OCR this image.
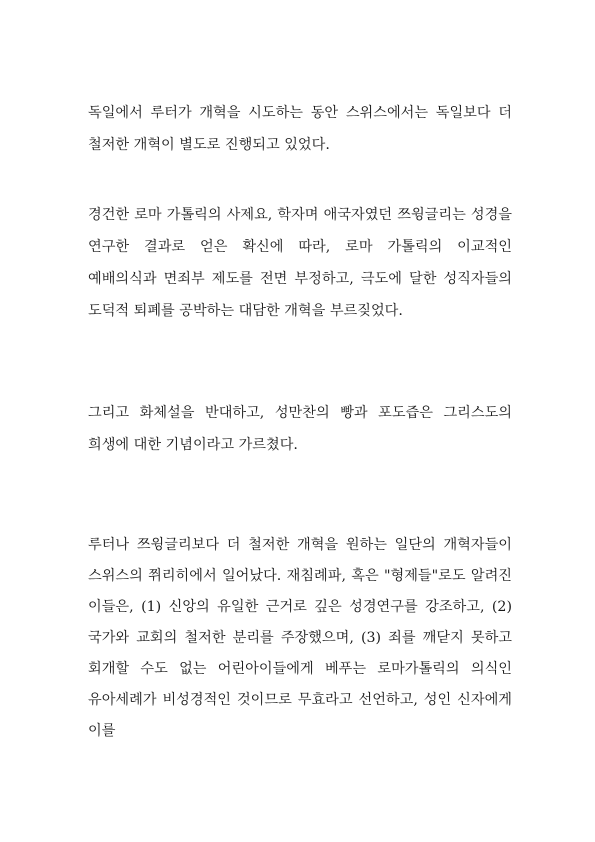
독일에서 루터가 개혁을 시도하는 동안 스위스에서는 독일보다 더 철저한 개혁이 별도로 진행되고 있었다.

경건한 로마 가톨릭의 사제요, 학자며 애국자였던 쯔윙글리는 성경을 연구한 결과로 얻은 확신에 따라, 로마 가톨릭의 이교적인 예배의식과 면죄부 제도를 전면 부정하고, 극도에 달한 성직자들의 도덕적 퇴폐를 공박하는 대담한 개혁을 부르짖었다.

그리고 화체설을 반대하고, 성만찬의 빵과 포도즙은 그리스도의 희생에 대한 기념이라고 가르쳤다.

루터나 쯔윙글리보다 더 철저한 개혁을 원하는 일단의 개혁자들이 스위스의 쮜리히에서 일어났다. 재침례파, 혹은 "형제들"로도 알려진 이들은, (1) 신앙의 유일한 근거로 깊은 성경연구를 강조하고, (2) 국가와 교회의 철저한 분리를 주장했으며, (3) 죄를 깨닫지 못하고 회개할 수도 없는 어린아이들에게 베푸는 로마가톨릭의 의식인 유아세례가 비성경적인 것이므로 무효라고 선언하고, 성인 신자에게 이를
